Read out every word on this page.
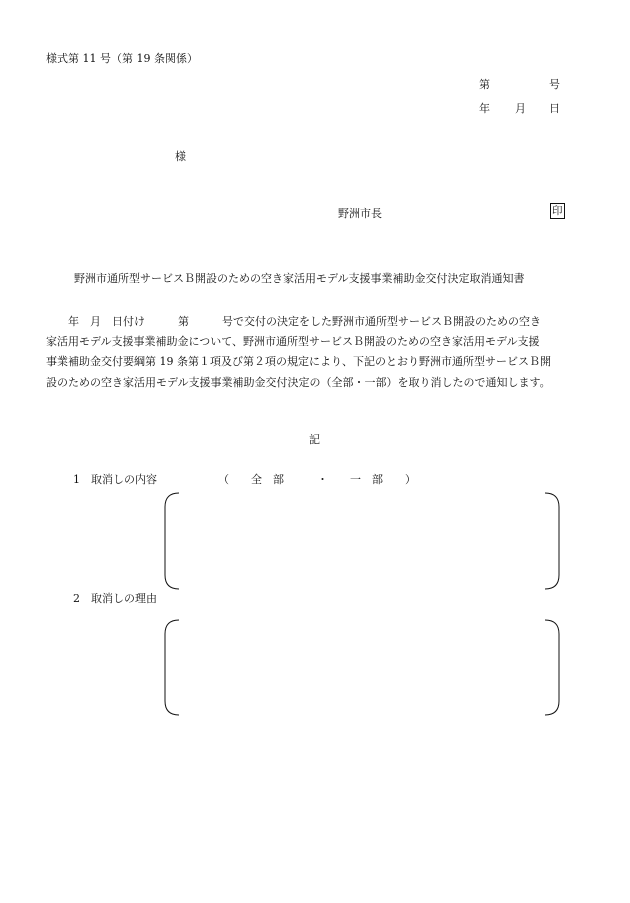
様式第 11 号（第 19 条関係）
第	号
年 月 日
様
野洲市長	印
野洲市通所型サービスＢ開設のための空き家活用モデル支援事業補助金交付決定取消通知書
年　月　日付け　　　第　　　号で交付の決定をした野洲市通所型サービスＢ開設のための空き
家活用モデル支援事業補助金について、野洲市通所型サービスＢ開設のための空き家活用モデル支援
事業補助金交付要綱第 19 条第１項及び第２項の規定により、下記のとおり野洲市通所型サービスＢ開
設のための空き家活用モデル支援事業補助金交付決定の（全部・一部）を取り消したので通知します。
記
1　取消しの内容	（　　全　部　　　・　　一　部　　）
2　取消しの理由
